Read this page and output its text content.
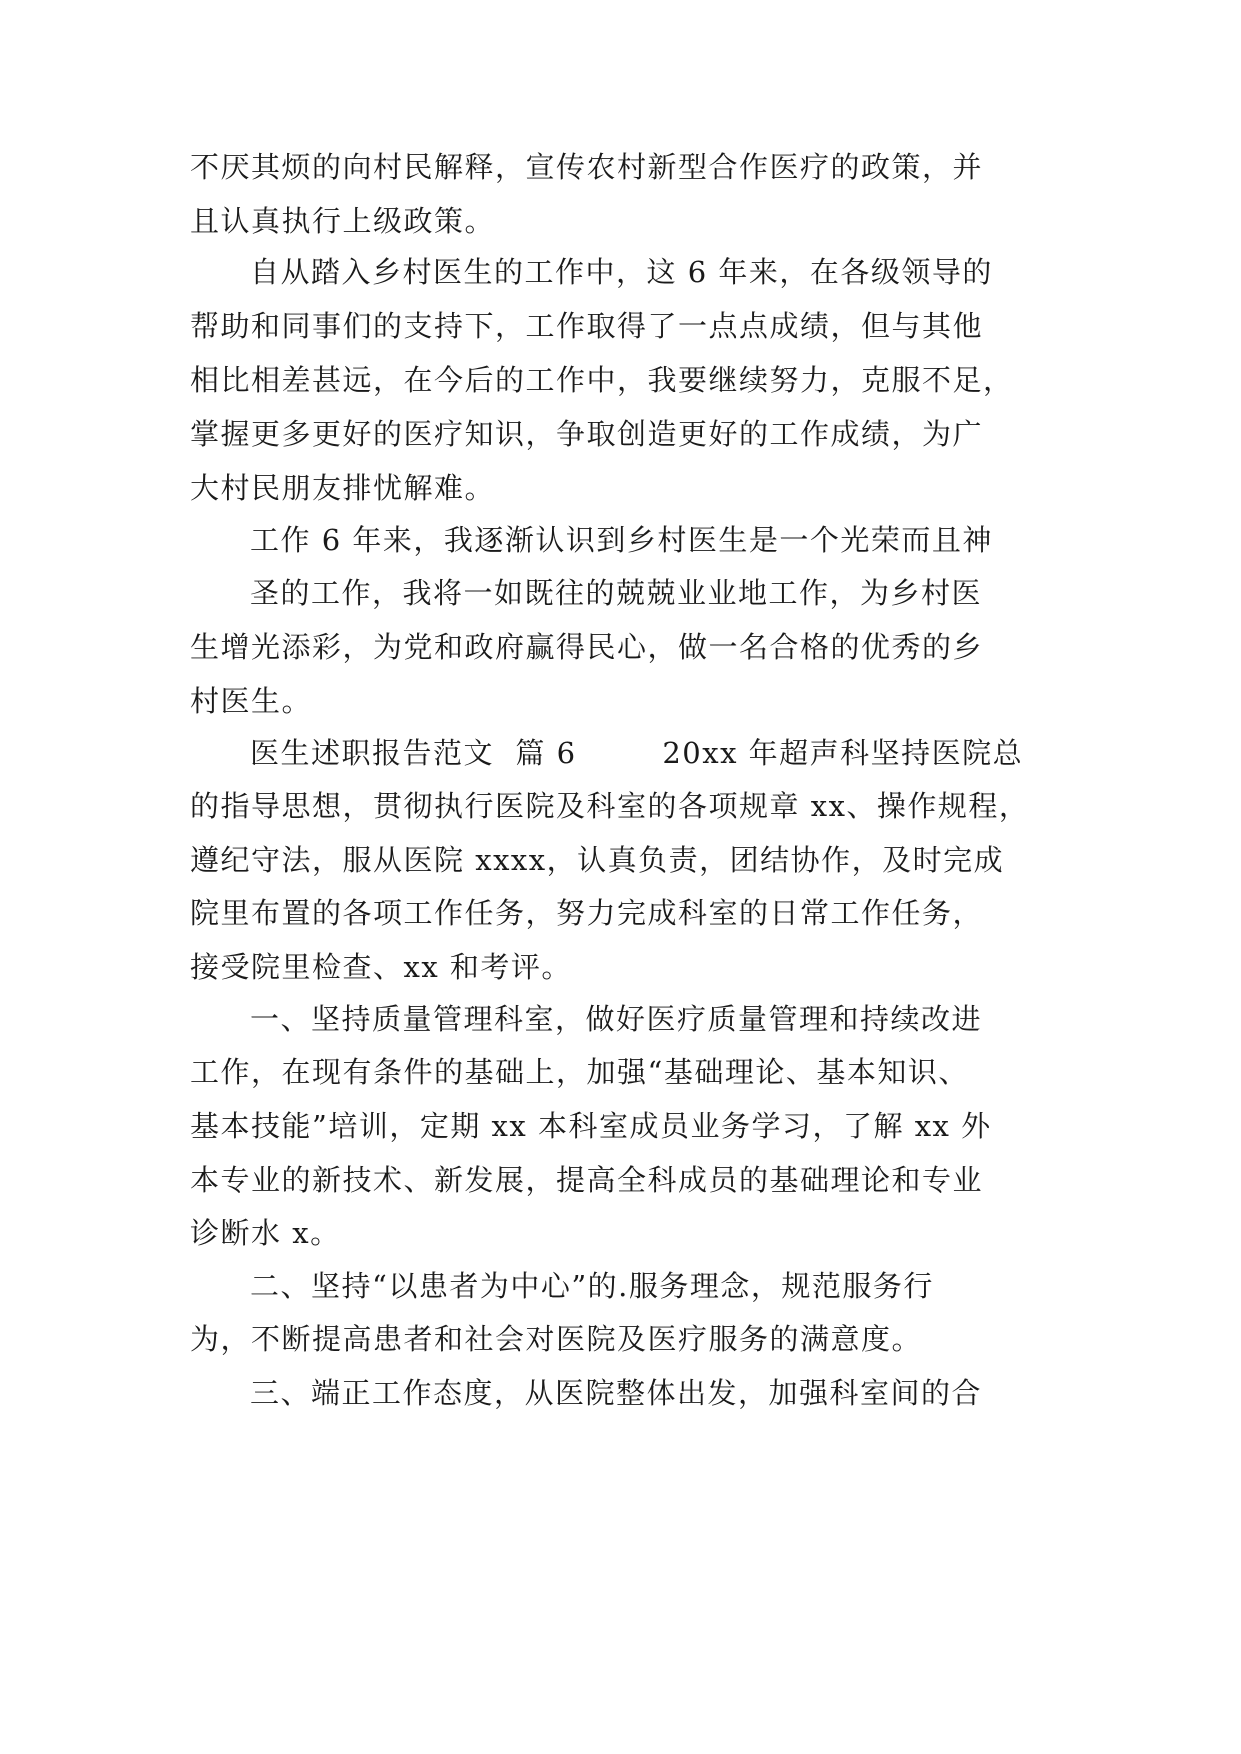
不厌其烦的向村民解释，宣传农村新型合作医疗的政策，并
且认真执行上级政策。
自从踏入乡村医生的工作中，这 6 年来，在各级领导的
帮助和同事们的支持下，工作取得了一点点成绩，但与其他
相比相差甚远，在今后的工作中，我要继续努力，克服不足，
掌握更多更好的医疗知识，争取创造更好的工作成绩，为广
大村民朋友排忧解难。
工作 6 年来，我逐渐认识到乡村医生是一个光荣而且神
圣的工作，我将一如既往的兢兢业业地工作，为乡村医
生增光添彩，为党和政府赢得民心，做一名合格的优秀的乡
村医生。
医生述职报告范文  篇 6        20xx 年超声科坚持医院总
的指导思想，贯彻执行医院及科室的各项规章 xx、操作规程，
遵纪守法，服从医院 xxxx，认真负责，团结协作，及时完成
院里布置的各项工作任务，努力完成科室的日常工作任务，
接受院里检查、xx 和考评。
一、坚持质量管理科室，做好医疗质量管理和持续改进
工作，在现有条件的基础上，加强“基础理论、基本知识、
基本技能”培训，定期 xx 本科室成员业务学习，了解 xx 外
本专业的新技术、新发展，提高全科成员的基础理论和专业
诊断水 x。
二、坚持“以患者为中心”的.服务理念，规范服务行
为，不断提高患者和社会对医院及医疗服务的满意度。
三、端正工作态度，从医院整体出发，加强科室间的合
